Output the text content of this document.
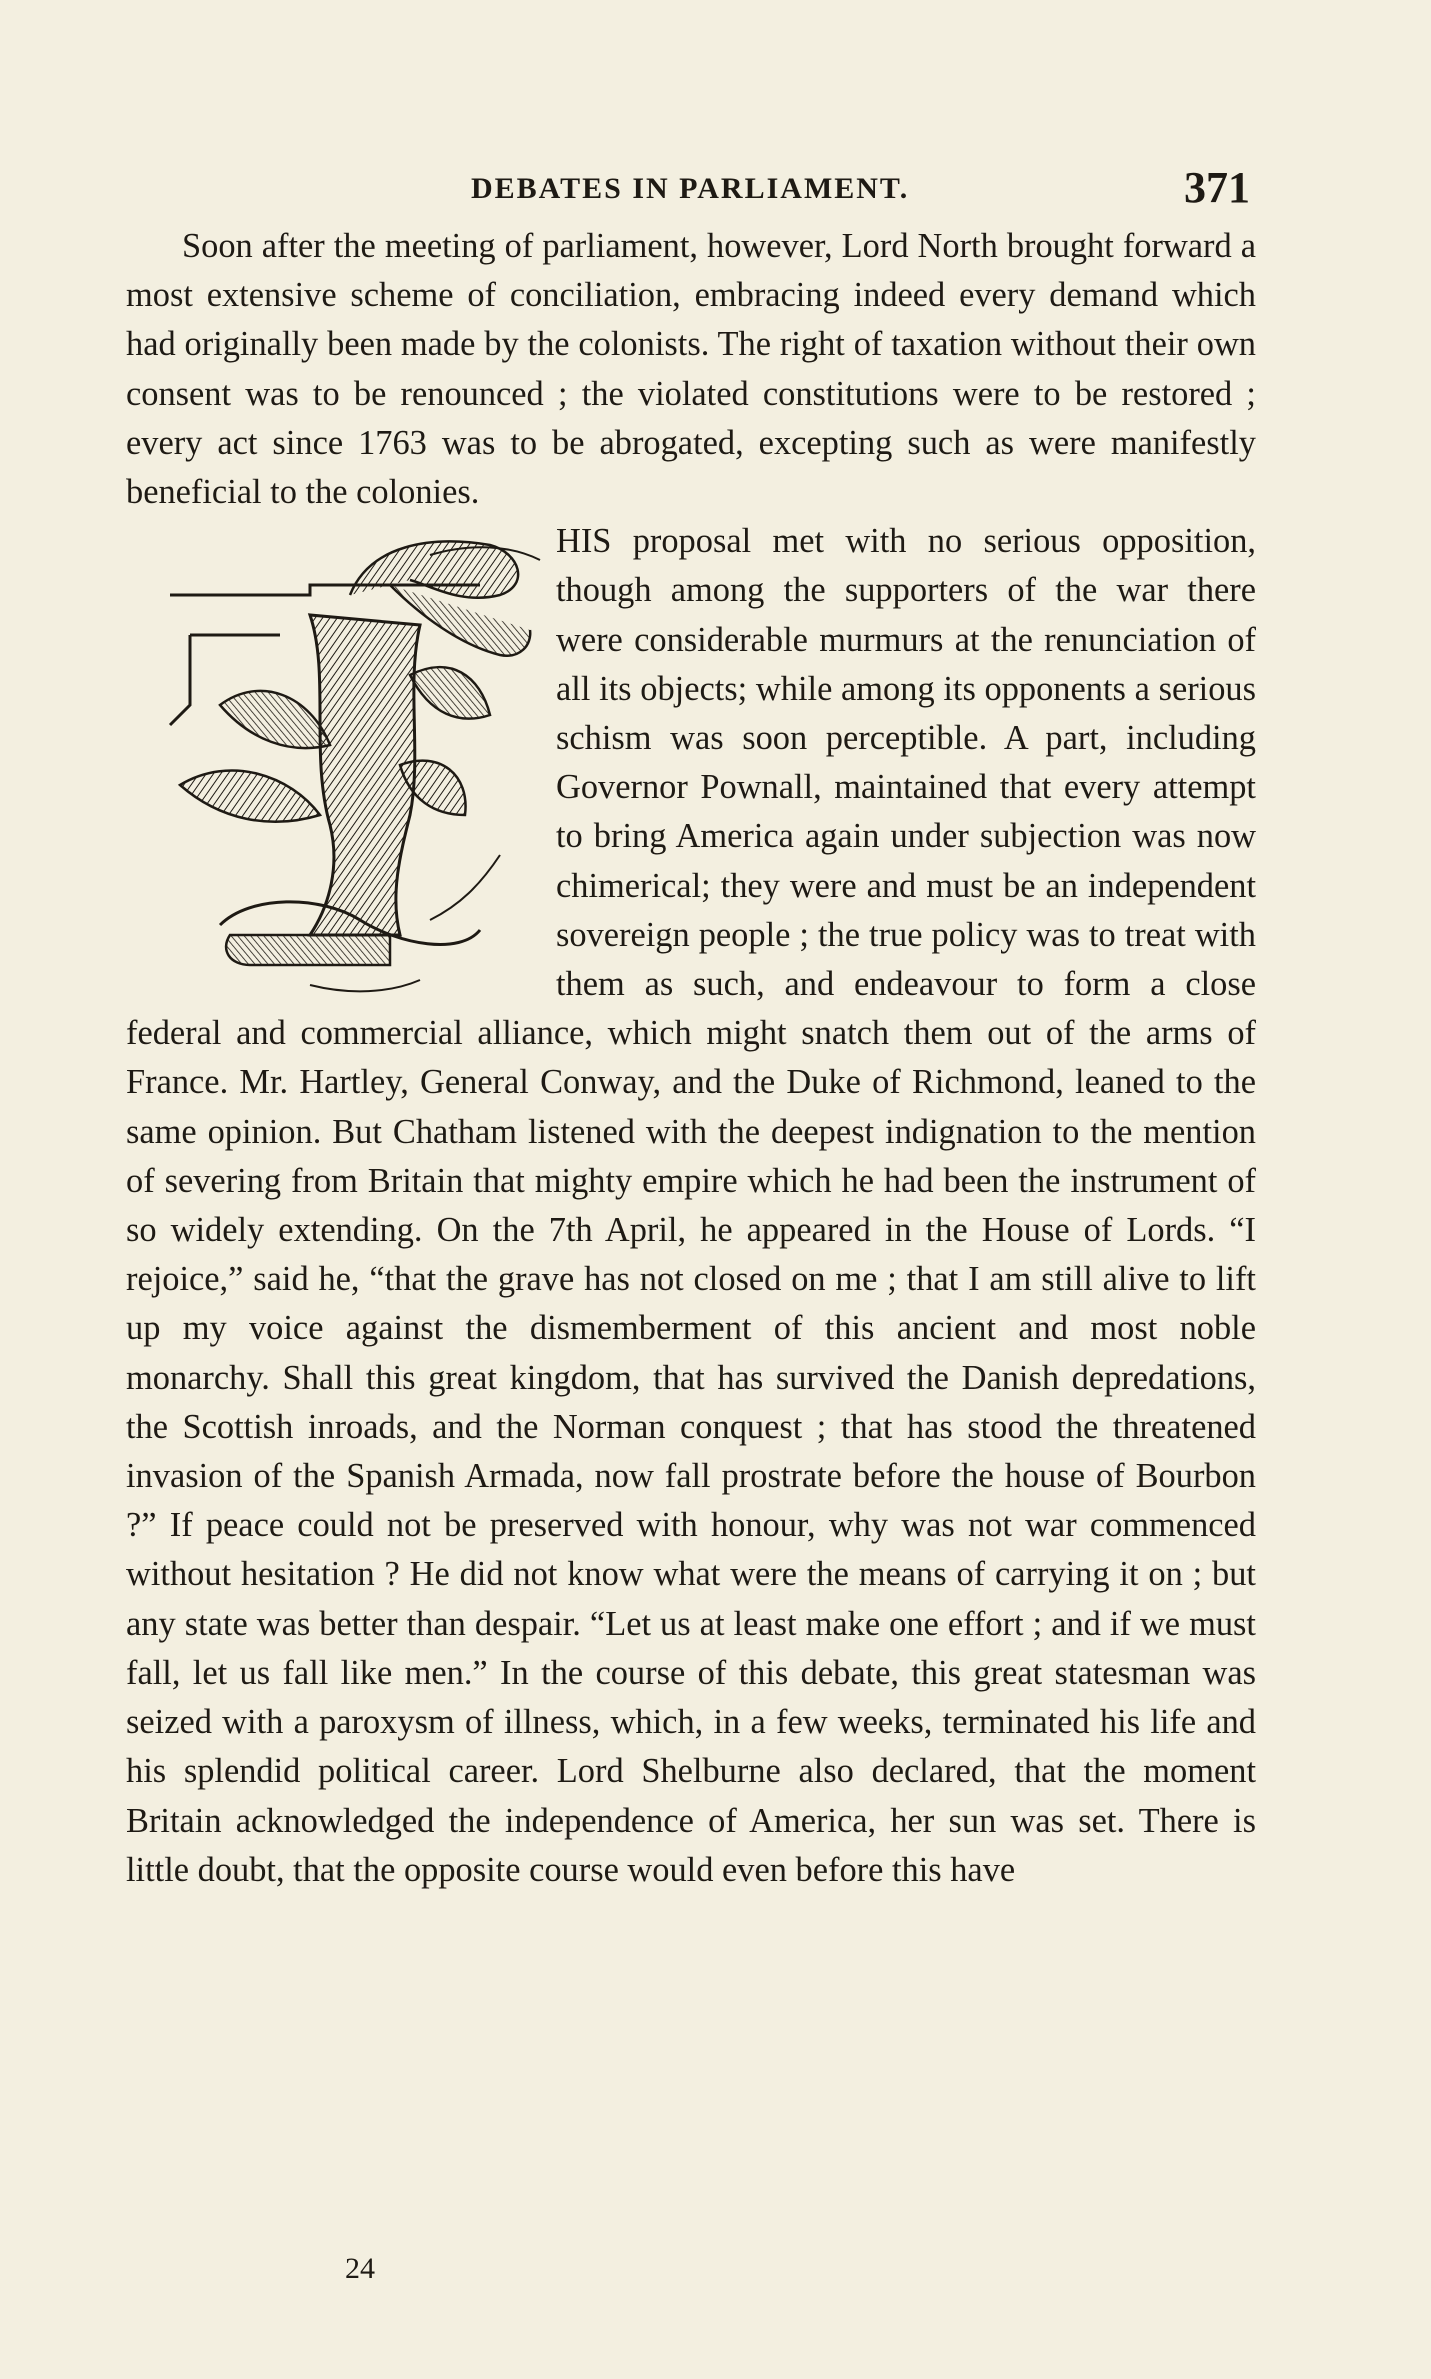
DEBATES IN PARLIAMENT.	371

Soon after the meeting of parliament, however, Lord North brought forward a most extensive scheme of conciliation, embracing indeed every demand which had originally been made by the colonists. The right of taxation without their own consent was to be renounced ; the violated constitutions were to be restored ; every act since 1763 was to be abrogated, excepting such as were manifestly beneficial to the colonies.

HIS proposal met with no serious opposition, though among the supporters of the war there were considerable murmurs at the renunciation of all its objects; while among its opponents a serious schism was soon perceptible. A part, including Governor Pownall, maintained that every attempt to bring America again under subjection was now chimerical; they were and must be an independent sovereign people ; the true policy was to treat with them as such, and endeavour to form a close federal and commercial alliance, which might snatch them out of the arms of France. Mr. Hartley, General Conway, and the Duke of Richmond, leaned to the same opinion. But Chatham listened with the deepest indignation to the mention of severing from Britain that mighty empire which he had been the instrument of so widely extending. On the 7th April, he appeared in the House of Lords. “I rejoice,” said he, “that the grave has not closed on me ; that I am still alive to lift up my voice against the dismemberment of this ancient and most noble monarchy. Shall this great kingdom, that has survived the Danish depredations, the Scottish inroads, and the Norman conquest ; that has stood the threatened invasion of the Spanish Armada, now fall prostrate before the house of Bourbon ?” If peace could not be preserved with honour, why was not war commenced without hesitation ? He did not know what were the means of carrying it on ; but any state was better than despair. “Let us at least make one effort ; and if we must fall, let us fall like men.” In the course of this debate, this great statesman was seized with a paroxysm of illness, which, in a few weeks, terminated his life and his splendid political career. Lord Shelburne also declared, that the moment Britain acknowledged the independence of America, her sun was set. There is little doubt, that the opposite course would even before this have
24
